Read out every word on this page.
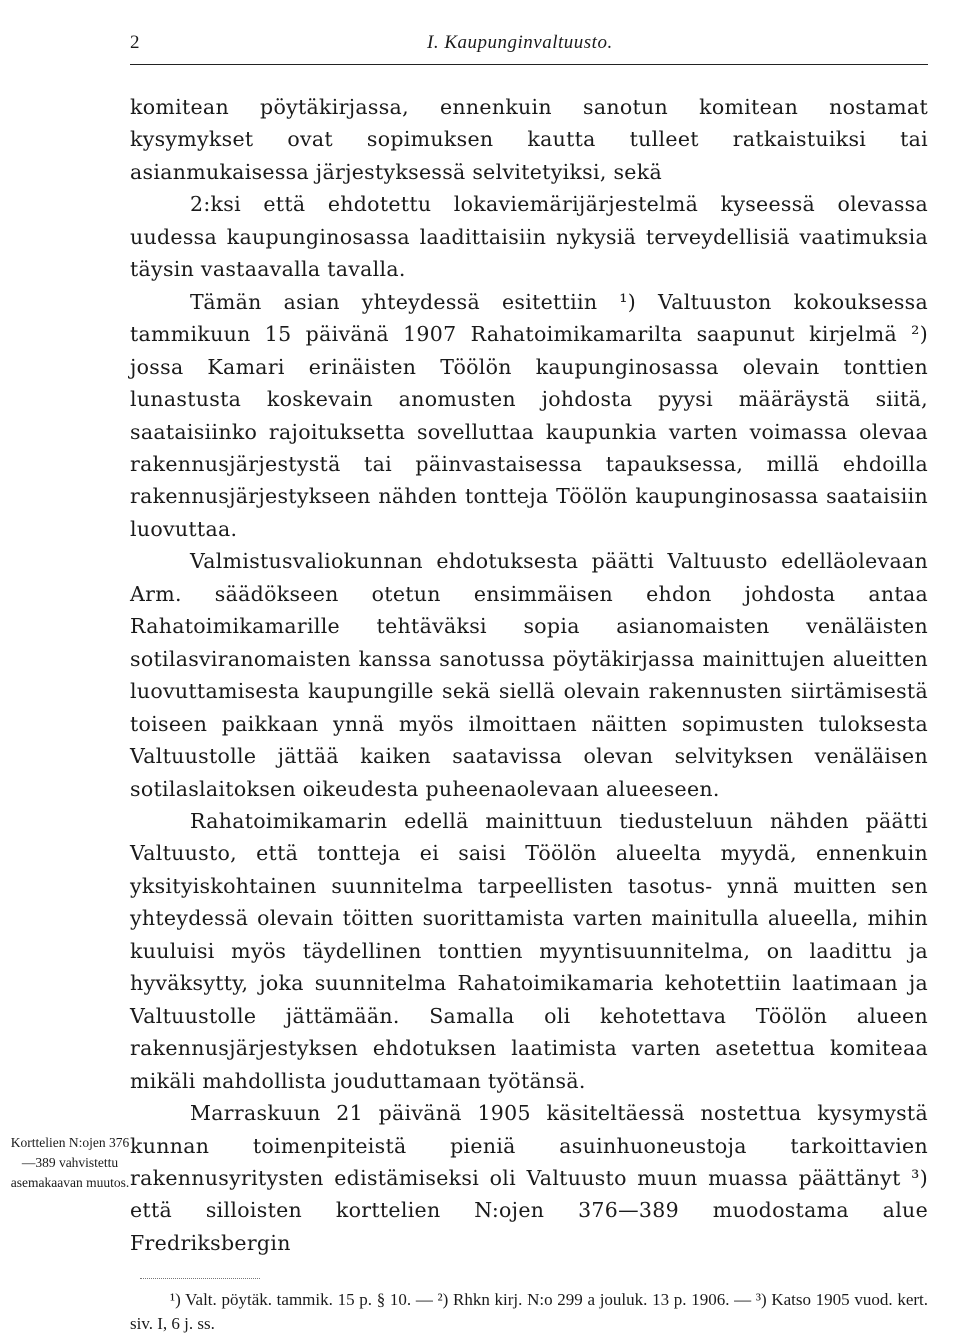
2	I. Kaupunginvaltuusto.

komitean pöytäkirjassa, ennenkuin sanotun komitean nostamat kysymykset ovat sopimuksen kautta tulleet ratkaistuiksi tai asianmukaisessa järjestyksessä selvitetyiksi, sekä

2:ksi että ehdotettu lokaviemärijärjestelmä kyseessä olevassa uudessa kaupunginosassa laadittaisiin nykysiä terveydellisiä vaatimuksia täysin vastaavalla tavalla.

Tämän asian yhteydessä esitettiin ¹) Valtuuston kokouksessa tammikuun 15 päivänä 1907 Rahatoimikamarilta saapunut kirjelmä ²) jossa Kamari erinäisten Töölön kaupunginosassa olevain tonttien lunastusta koskevain anomusten johdosta pyysi määräystä siitä, saataisiinko rajoituksetta sovelluttaa kaupunkia varten voimassa olevaa rakennusjärjestystä tai päinvastaisessa tapauksessa, millä ehdoilla rakennusjärjestykseen nähden tontteja Töölön kaupunginosassa saataisiin luovuttaa.

Valmistusvaliokunnan ehdotuksesta päätti Valtuusto edelläolevaan Arm. säädökseen otetun ensimmäisen ehdon johdosta antaa Rahatoimikamarille tehtäväksi sopia asianomaisten venäläisten sotilasviranomaisten kanssa sanotussa pöytäkirjassa mainittujen alueitten luovuttamisesta kaupungille sekä siellä olevain rakennusten siirtämisestä toiseen paikkaan ynnä myös ilmoittaen näitten sopimusten tuloksesta Valtuustolle jättää kaiken saatavissa olevan selvityksen venäläisen sotilaslaitoksen oikeudesta puheenaolevaan alueeseen.

Rahatoimikamarin edellä mainittuun tiedusteluun nähden päätti Valtuusto, että tontteja ei saisi Töölön alueelta myydä, ennenkuin yksityiskohtainen suunnitelma tarpeellisten tasotus- ynnä muitten sen yhteydessä olevain töitten suorittamista varten mainitulla alueella, mihin kuuluisi myös täydellinen tonttien myyntisuunnitelma, on laadittu ja hyväksytty, joka suunnitelma Rahatoimikamaria kehotettiin laatimaan ja Valtuustolle jättämään. Samalla oli kehotettava Töölön alueen rakennusjärjestyksen ehdotuksen laatimista varten asetettua komiteaa mikäli mahdollista jouduttamaan työtänsä.

Marraskuun 21 päivänä 1905 käsiteltäessä nostettua kysymystä kunnan toimenpiteistä pieniä asuinhuoneustoja tarkoittavien rakennusyritysten edistämiseksi oli Valtuusto muun muassa päättänyt ³) että silloisten korttelien N:ojen 376—389 muodostama alue Fredriksbergin

Korttelien N:ojen 376—389 vahvistettu asemakaavan muutos.

¹) Valt. pöytäk. tammik. 15 p. § 10. — ²) Rhkn kirj. N:o 299 a jouluk. 13 p. 1906. — ³) Katso 1905 vuod. kert. siv. I, 6 j. ss.
